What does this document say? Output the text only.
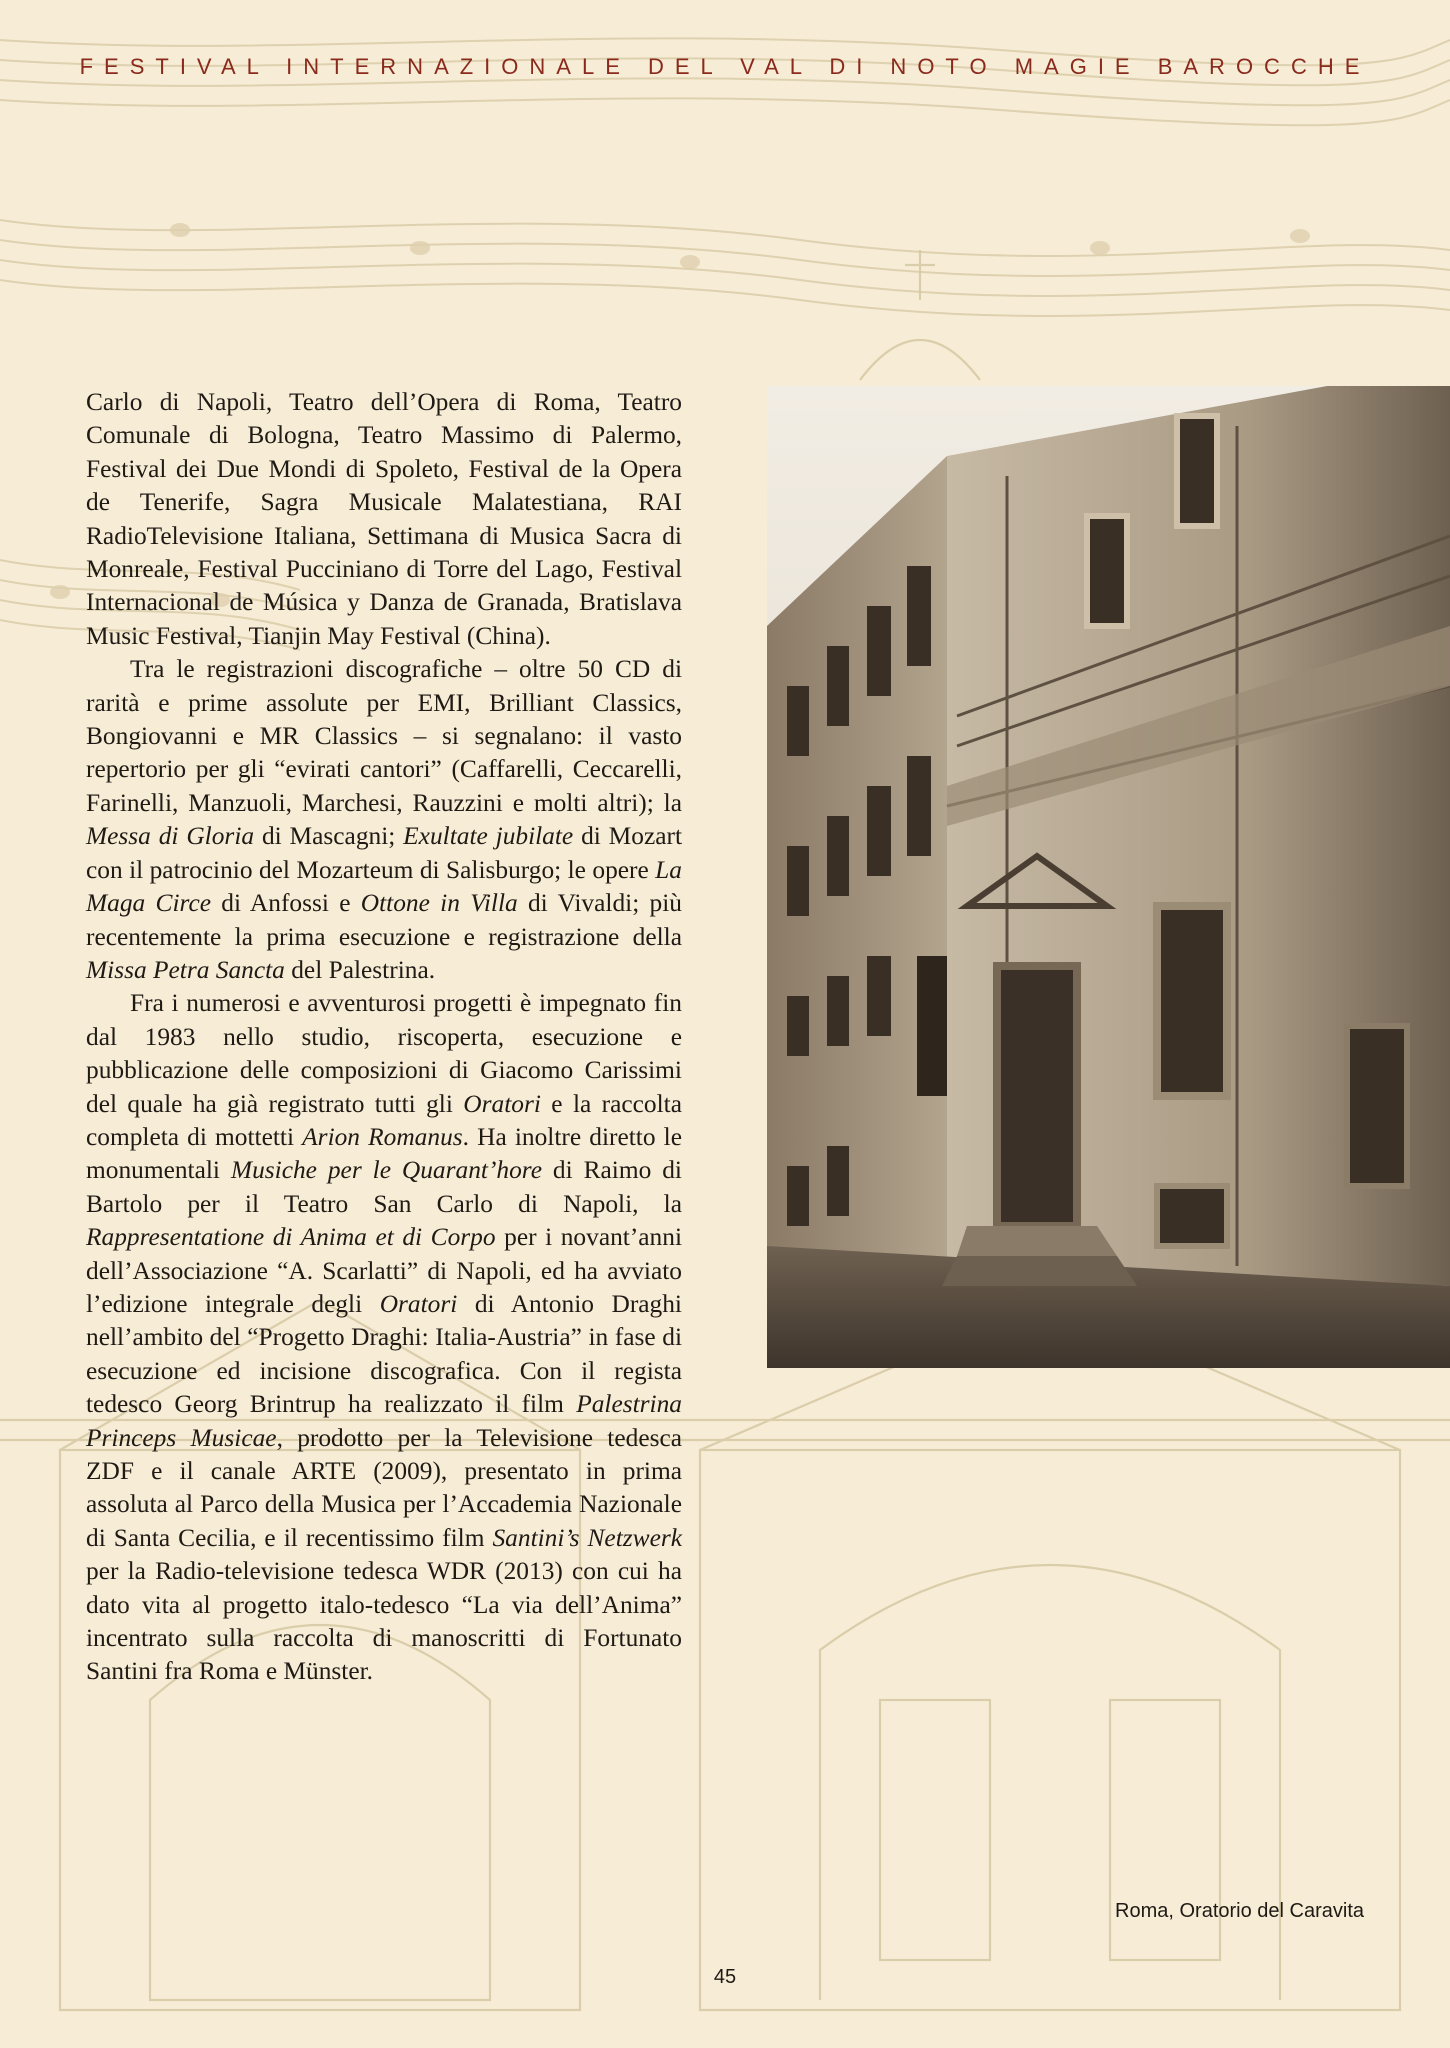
FESTIVAL INTERNAZIONALE DEL VAL DI NOTO MAGIE BAROCCHE

Carlo di Napoli, Teatro dell’Opera di Roma, Teatro Comunale di Bologna, Teatro Massimo di Palermo, Festival dei Due Mondi di Spoleto, Festival de la Opera de Tenerife, Sagra Musicale Malatestiana, RAI RadioTelevisione Italiana, Settimana di Musica Sacra di Monreale, Festival Pucciniano di Torre del Lago, Festival Internacional de Música y Danza de Granada, Bratislava Music Festival, Tianjin May Festival (China).

Tra le registrazioni discografiche – oltre 50 CD di rarità e prime assolute per EMI, Brilliant Classics, Bongiovanni e MR Classics – si segnalano: il vasto repertorio per gli “evirati cantori” (Caffarelli, Ceccarelli, Farinelli, Manzuoli, Marchesi, Rauzzini e molti altri); la Messa di Gloria di Mascagni; Exultate jubilate di Mozart con il patrocinio del Mozarteum di Salisburgo; le opere La Maga Circe di Anfossi e Ottone in Villa di Vivaldi; più recentemente la prima esecuzione e registrazione della Missa Petra Sancta del Palestrina.

Fra i numerosi e avventurosi progetti è impegnato fin dal 1983 nello studio, riscoperta, esecuzione e pubblicazione delle composizioni di Giacomo Carissimi del quale ha già registrato tutti gli Oratori e la raccolta completa di mottetti Arion Romanus. Ha inoltre diretto le monumentali Musiche per le Quarant’hore di Raimo di Bartolo per il Teatro San Carlo di Napoli, la Rappresentatione di Anima et di Corpo per i novant’anni dell’Associazione “A. Scarlatti” di Napoli, ed ha avviato l’edizione integrale degli Oratori di Antonio Draghi nell’ambito del “Progetto Draghi: Italia-Austria” in fase di esecuzione ed incisione discografica. Con il regista tedesco Georg Brintrup ha realizzato il film Palestrina Princeps Musicae, prodotto per la Televisione tedesca ZDF e il canale ARTE (2009), presentato in prima assoluta al Parco della Musica per l’Accademia Nazionale di Santa Cecilia, e il recentissimo film Santini’s Netzwerk per la Radio-televisione tedesca WDR (2013) con cui ha dato vita al progetto italo-tedesco “La via dell’Anima” incentrato sulla raccolta di manoscritti di Fortunato Santini fra Roma e Münster.

Roma, Oratorio del Caravita
45
